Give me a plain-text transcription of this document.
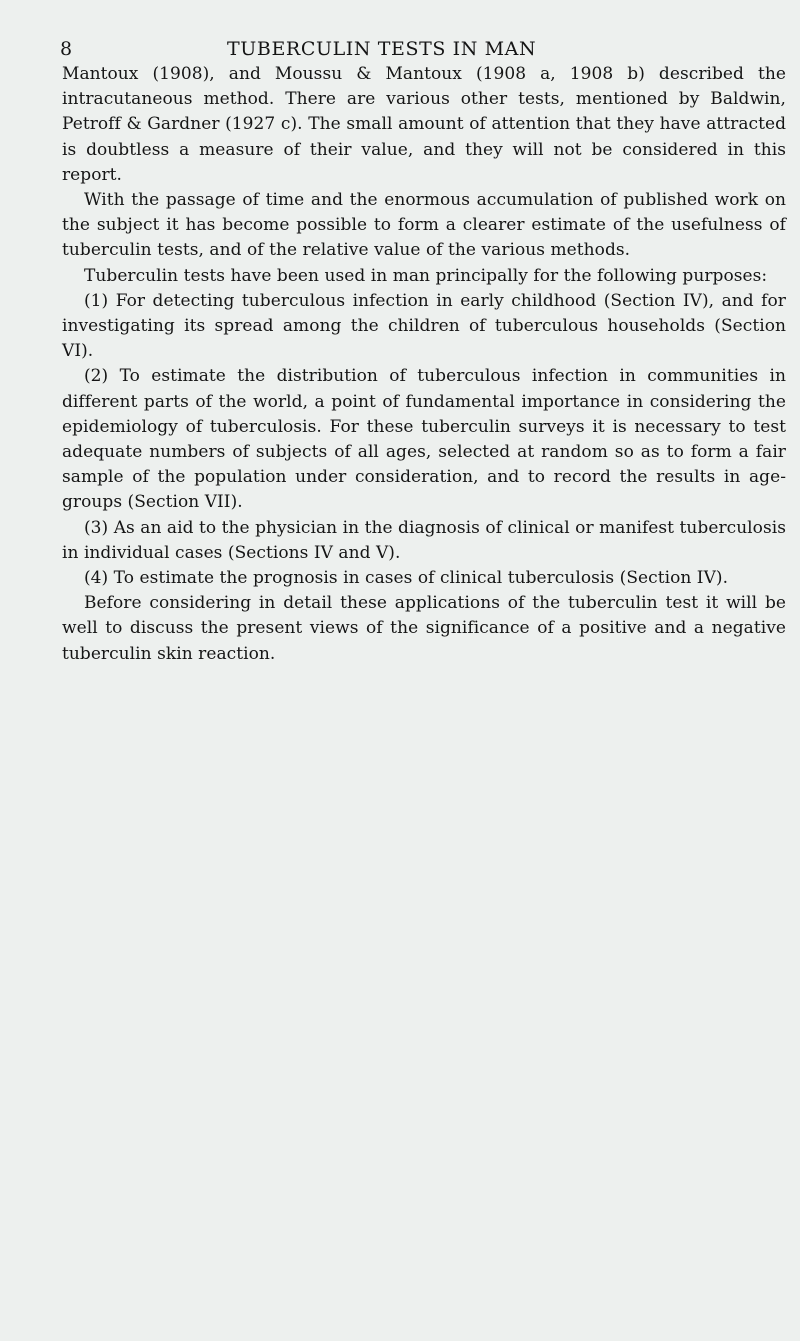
8	TUBERCULIN TESTS IN MAN

Mantoux (1908), and Moussu & Mantoux (1908 a, 1908 b) described the intracutaneous method. There are various other tests, mentioned by Baldwin, Petroff & Gardner (1927 c). The small amount of attention that they have attracted is doubtless a measure of their value, and they will not be considered in this report.

With the passage of time and the enormous accumulation of published work on the subject it has become possible to form a clearer estimate of the usefulness of tuberculin tests, and of the relative value of the various methods.

Tuberculin tests have been used in man principally for the following purposes:

(1) For detecting tuberculous infection in early childhood (Section IV), and for investigating its spread among the children of tuberculous households (Section VI).

(2) To estimate the distribution of tuberculous infection in communities in different parts of the world, a point of fundamental importance in considering the epidemiology of tuberculosis. For these tuberculin surveys it is necessary to test adequate numbers of subjects of all ages, selected at random so as to form a fair sample of the population under consideration, and to record the results in age-groups (Section VII).

(3) As an aid to the physician in the diagnosis of clinical or manifest tuberculosis in individual cases (Sections IV and V).

(4) To estimate the prognosis in cases of clinical tuberculosis (Section IV).

Before considering in detail these applications of the tuberculin test it will be well to discuss the present views of the significance of a positive and a negative tuberculin skin reaction.
